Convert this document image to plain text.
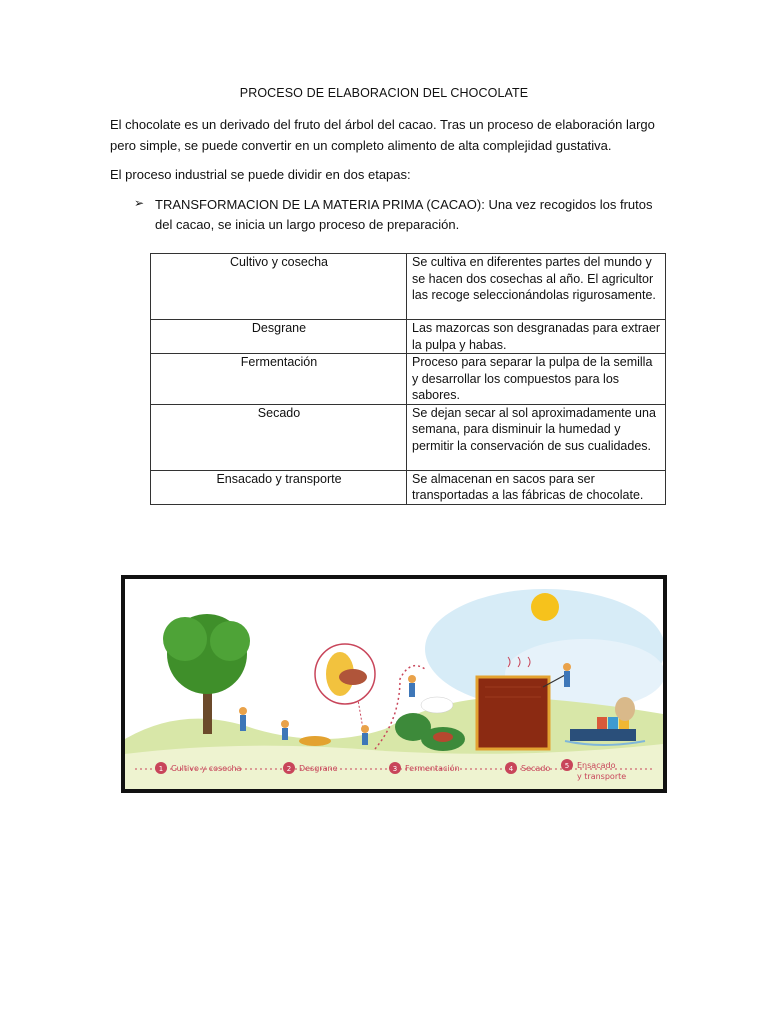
PROCESO DE ELABORACION DEL CHOCOLATE
El chocolate es un derivado del fruto del árbol del cacao. Tras un proceso de elaboración largo pero simple, se puede convertir en un completo alimento de alta complejidad gustativa.
El proceso industrial se puede dividir en dos etapas:
➢ TRANSFORMACION DE LA MATERIA PRIMA (CACAO): Una vez recogidos los frutos del cacao, se inicia un largo proceso de preparación.
Cultivo y cosecha	Se cultiva en diferentes partes del mundo y se hacen dos cosechas al año. El agricultor las recoge seleccionándolas rigurosamente.
Desgrane	Las mazorcas son desgranadas para extraer la pulpa y habas.
Fermentación	Proceso para separar la pulpa de la semilla y desarrollar los compuestos para los sabores.
Secado	Se dejan secar al sol aproximadamente una semana, para disminuir la humedad y permitir la conservación de sus cualidades.
Ensacado y transporte	Se almacenan en sacos para ser transportadas a las fábricas de chocolate.
1 Cultivo y cosecha	2 Desgrane	3 Fermentación	4 Secado 5 Ensacado
y transporte
